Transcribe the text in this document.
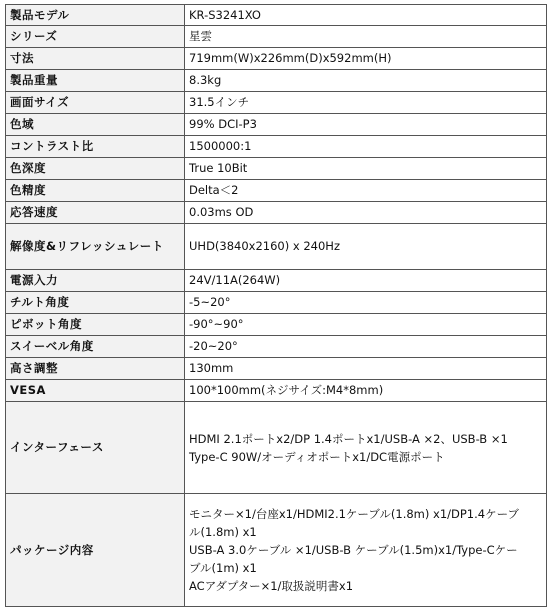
製品モデル	KR-S3241XO
シリーズ	星雲
寸法	719mm(W)x226mm(D)x592mm(H)
製品重量	8.3kg
画面サイズ	31.5インチ
色域	99% DCI-P3
コントラスト比	1500000:1
色深度	True 10Bit
色精度	Delta＜2
応答速度	0.03ms OD
解像度&リフレッシュレート	UHD(3840x2160) x 240Hz
電源入力	24V/11A(264W)
チルト角度	-5~20°
ピボット角度	-90°~90°
スイーベル角度	-20~20°
高さ調整	130mm
VESA	100*100mm(ネジサイズ:M4*8mm)
インターフェース	HDMI 2.1ポートx2/DP 1.4ポートx1/USB-A ×2、USB-B ×1
Type-C 90W/オーディオポートx1/DC電源ポート

パッケージ内容	モニター×1/台座x1/HDMI2.1ケーブル(1.8m) x1/DP1.4ケーブ
ル(1.8m) x1
USB-A 3.0ケーブル ×1/USB-B ケーブル(1.5m)x1/Type-Cケー
ブル(1m) x1
ACアダプター×1/取扱説明書x1
